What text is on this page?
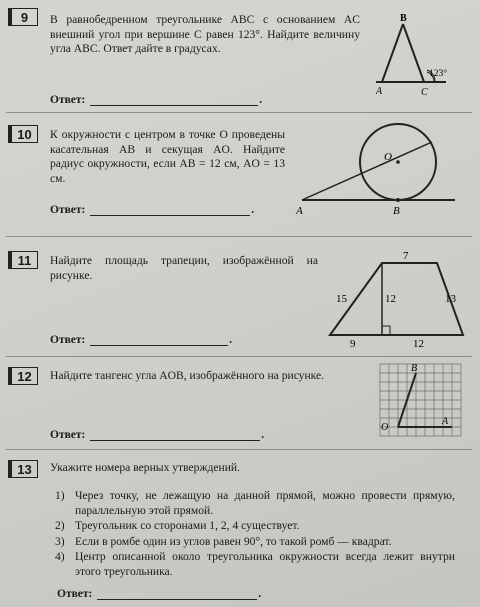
9	В равнобедренном треугольнике ABC с основанием AC внешний угол при вершине C равен 123°. Найдите величину угла ABC. Ответ дайте в градусах.
Ответ:	.
B
A	C
123°
10	К окружности с центром в точке O проведены касательная AB и секущая AO. Найдите радиус окружности, если AB = 12 см, AO = 13 см.
Ответ:	.
O
A	B
11	Найдите площадь трапеции, изображённой на рисунке.
Ответ:	.
7
15	12	13
9	12
12	Найдите тангенс угла AOB, изображённого на рисунке.
Ответ:	.
B
O
A
13	Укажите номера верных утверждений.
1) Через точку, не лежащую на данной прямой, можно провести прямую, параллельную этой прямой.
2) Треугольник со сторонами 1, 2, 4 существует.
3) Если в ромбе один из углов равен 90°, то такой ромб — квадрат.
4) Центр описанной около треугольника окружности всегда лежит внутри этого треугольника.
Ответ:	.
